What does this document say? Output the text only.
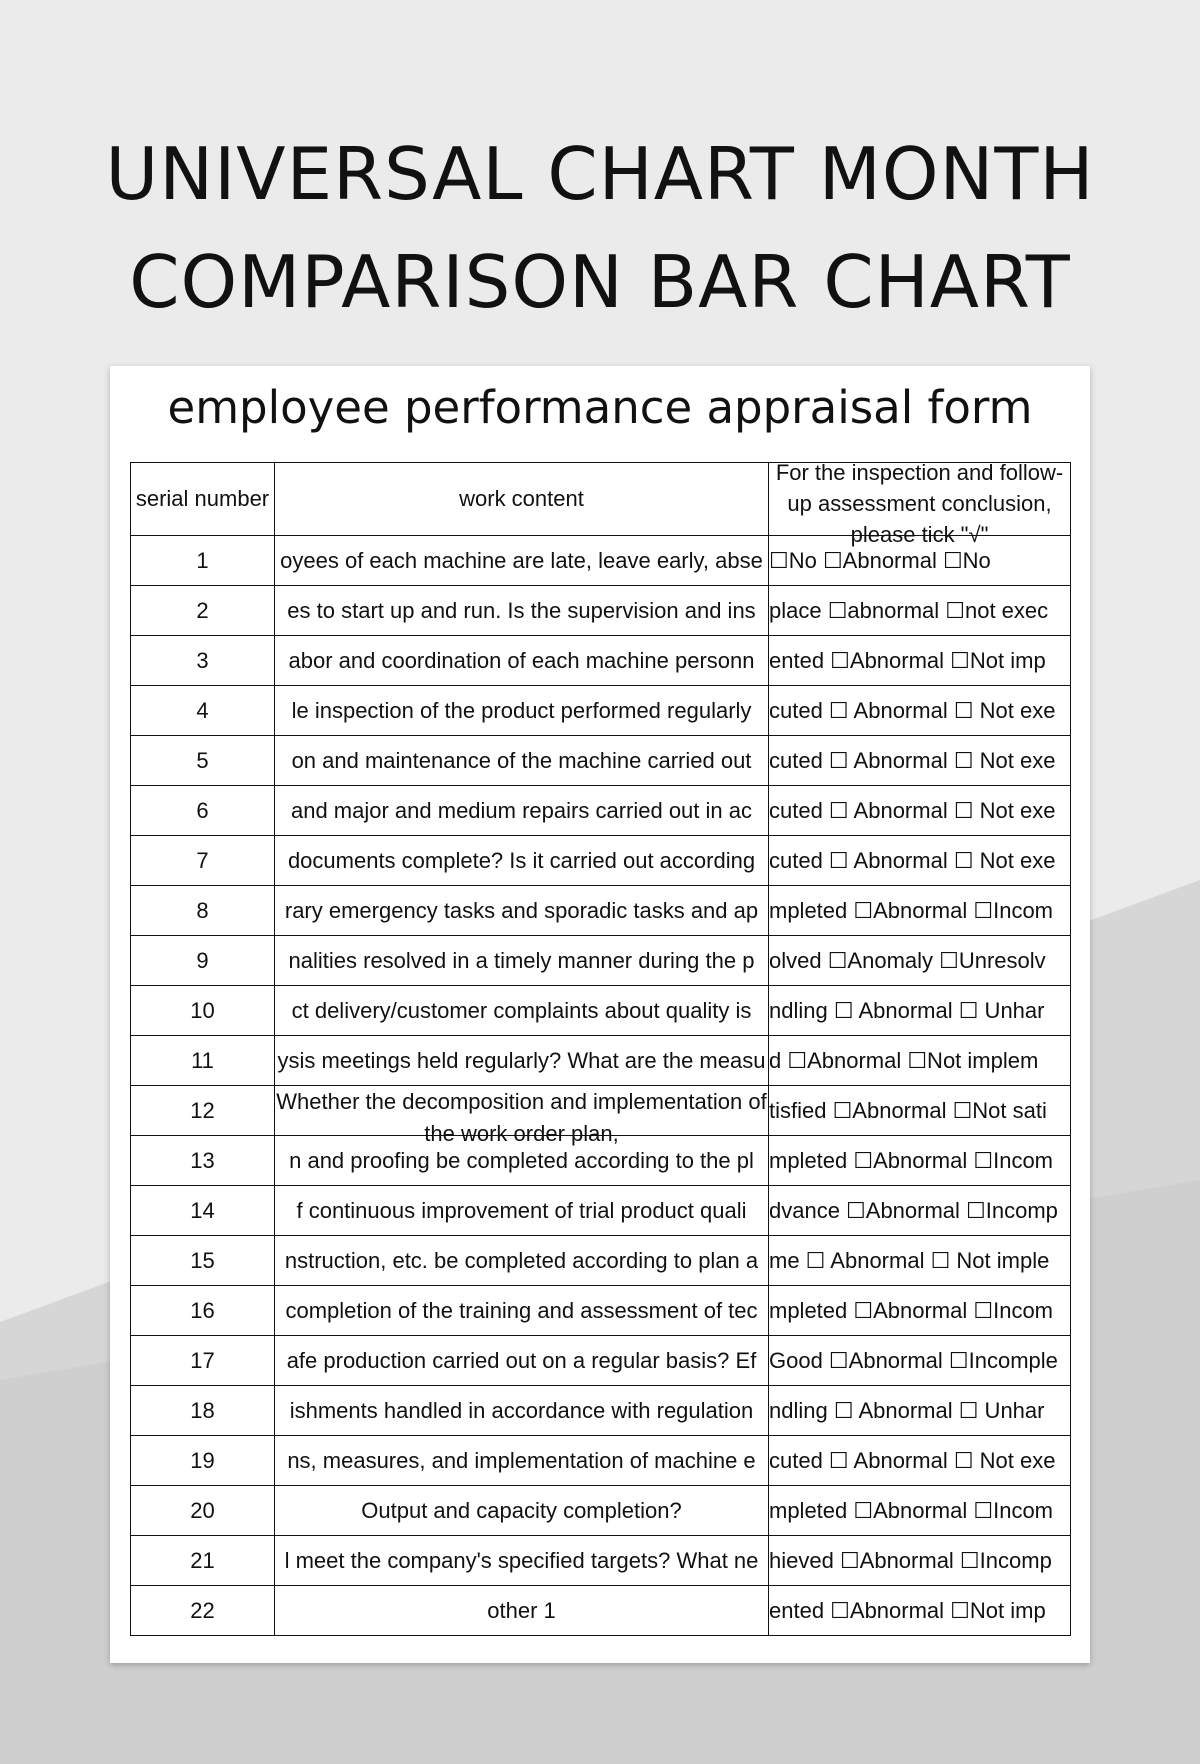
UNIVERSAL CHART MONTH
COMPARISON BAR CHART
employee performance appraisal form
serial number	work content	For the inspection and follow-up assessment conclusion, please tick "√"

1	oyees of each machine are late, leave early, abse	☐No ☐Abnormal ☐No

2	es to start up and run. Is the supervision and ins	place ☐abnormal ☐not exec

3	abor and coordination of each machine personn	ented ☐Abnormal ☐Not imp

4	le inspection of the product performed regularly	cuted ☐ Abnormal ☐ Not exe

5	on and maintenance of the machine carried out	cuted ☐ Abnormal ☐ Not exe

6	and major and medium repairs carried out in ac	cuted ☐ Abnormal ☐ Not exe

7	documents complete? Is it carried out according	cuted ☐ Abnormal ☐ Not exe

8	rary emergency tasks and sporadic tasks and ap	mpleted ☐Abnormal ☐Incom

9	nalities resolved in a timely manner during the p	olved ☐Anomaly ☐Unresolv

10	ct delivery/customer complaints about quality is	ndling ☐ Abnormal ☐ Unhar

11	ysis meetings held regularly? What are the measu	d ☐Abnormal ☐Not implem

12	Whether the decomposition and implementation of the work order plan,	tisfied ☐Abnormal ☐Not sati

13	n and proofing be completed according to the pl	mpleted ☐Abnormal ☐Incom

14	f continuous improvement of trial product quali	dvance ☐Abnormal ☐Incomp

15	nstruction, etc. be completed according to plan a	me ☐ Abnormal ☐ Not imple

16	completion of the training and assessment of tec	mpleted ☐Abnormal ☐Incom

17	afe production carried out on a regular basis? Ef	Good ☐Abnormal ☐Incomple

18	ishments handled in accordance with regulation	ndling ☐ Abnormal ☐ Unhar

19	ns, measures, and implementation of machine e	cuted ☐ Abnormal ☐ Not exe

20	Output and capacity completion?	mpleted ☐Abnormal ☐Incom

21	l meet the company's specified targets? What ne	hieved ☐Abnormal ☐Incomp

22	other 1	ented ☐Abnormal ☐Not imp
